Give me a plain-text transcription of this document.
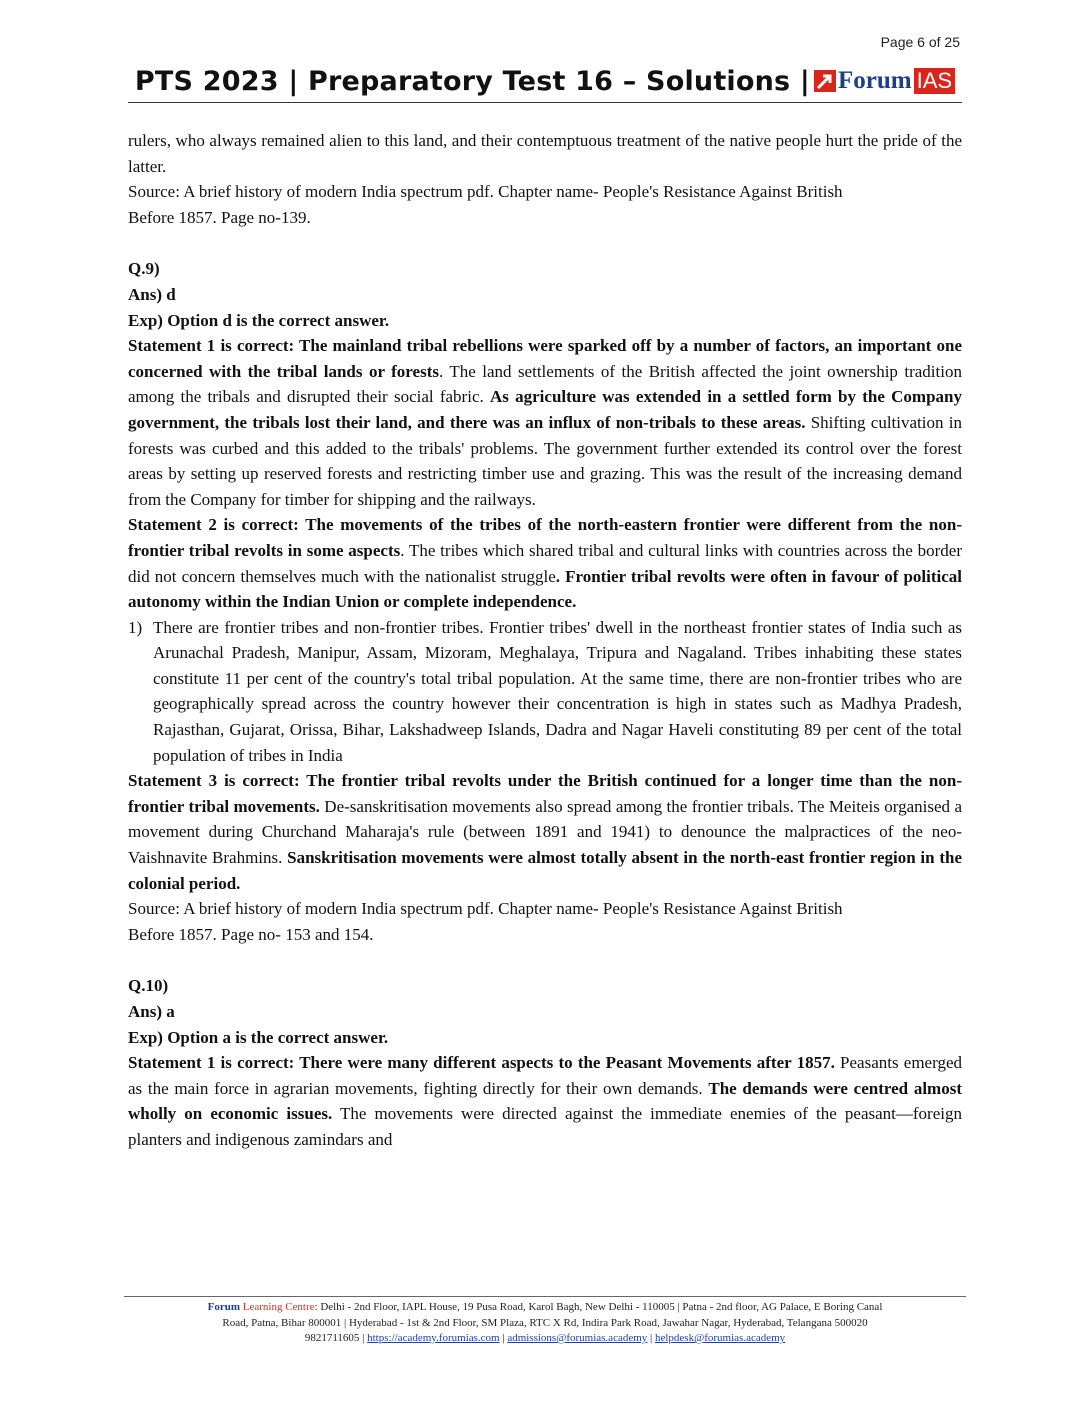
Page 6 of 25
PTS 2023 | Preparatory Test 16 – Solutions | Forum IAS

rulers, who always remained alien to this land, and their contemptuous treatment of the native people hurt the pride of the latter.

Source: A brief history of modern India spectrum pdf. Chapter name- People's Resistance Against British

Before 1857. Page no-139.

Q.9)

Ans) d

Exp) Option d is the correct answer.

Statement 1 is correct: The mainland tribal rebellions were sparked off by a number of factors, an important one concerned with the tribal lands or forests. The land settlements of the British affected the joint ownership tradition among the tribals and disrupted their social fabric. As agriculture was extended in a settled form by the Company government, the tribals lost their land, and there was an influx of non-tribals to these areas. Shifting cultivation in forests was curbed and this added to the tribals' problems. The government further extended its control over the forest areas by setting up reserved forests and restricting timber use and grazing. This was the result of the increasing demand from the Company for timber for shipping and the railways.

Statement 2 is correct: The movements of the tribes of the north-eastern frontier were different from the non-frontier tribal revolts in some aspects. The tribes which shared tribal and cultural links with countries across the border did not concern themselves much with the nationalist struggle. Frontier tribal revolts were often in favour of political autonomy within the Indian Union or complete independence.

1) There are frontier tribes and non-frontier tribes. Frontier tribes' dwell in the northeast frontier states of India such as Arunachal Pradesh, Manipur, Assam, Mizoram, Meghalaya, Tripura and Nagaland. Tribes inhabiting these states constitute 11 per cent of the country's total tribal population. At the same time, there are non-frontier tribes who are geographically spread across the country however their concentration is high in states such as Madhya Pradesh, Rajasthan, Gujarat, Orissa, Bihar, Lakshadweep Islands, Dadra and Nagar Haveli constituting 89 per cent of the total population of tribes in India

Statement 3 is correct: The frontier tribal revolts under the British continued for a longer time than the non-frontier tribal movements. De-sanskritisation movements also spread among the frontier tribals. The Meiteis organised a movement during Churchand Maharaja's rule (between 1891 and 1941) to denounce the malpractices of the neo-Vaishnavite Brahmins. Sanskritisation movements were almost totally absent in the north-east frontier region in the colonial period.

Source: A brief history of modern India spectrum pdf. Chapter name- People's Resistance Against British

Before 1857. Page no- 153 and 154.

Q.10)

Ans) a

Exp) Option a is the correct answer.

Statement 1 is correct: There were many different aspects to the Peasant Movements after 1857. Peasants emerged as the main force in agrarian movements, fighting directly for their own demands. The demands were centred almost wholly on economic issues. The movements were directed against the immediate enemies of the peasant—foreign planters and indigenous zamindars and

Forum Learning Centre: Delhi - 2nd Floor, IAPL House, 19 Pusa Road, Karol Bagh, New Delhi - 110005 | Patna - 2nd floor, AG Palace, E Boring Canal
Road, Patna, Bihar 800001 | Hyderabad - 1st & 2nd Floor, SM Plaza, RTC X Rd, Indira Park Road, Jawahar Nagar, Hyderabad, Telangana 500020
9821711605 | https://academy.forumias.com | admissions@forumias.academy | helpdesk@forumias.academy
